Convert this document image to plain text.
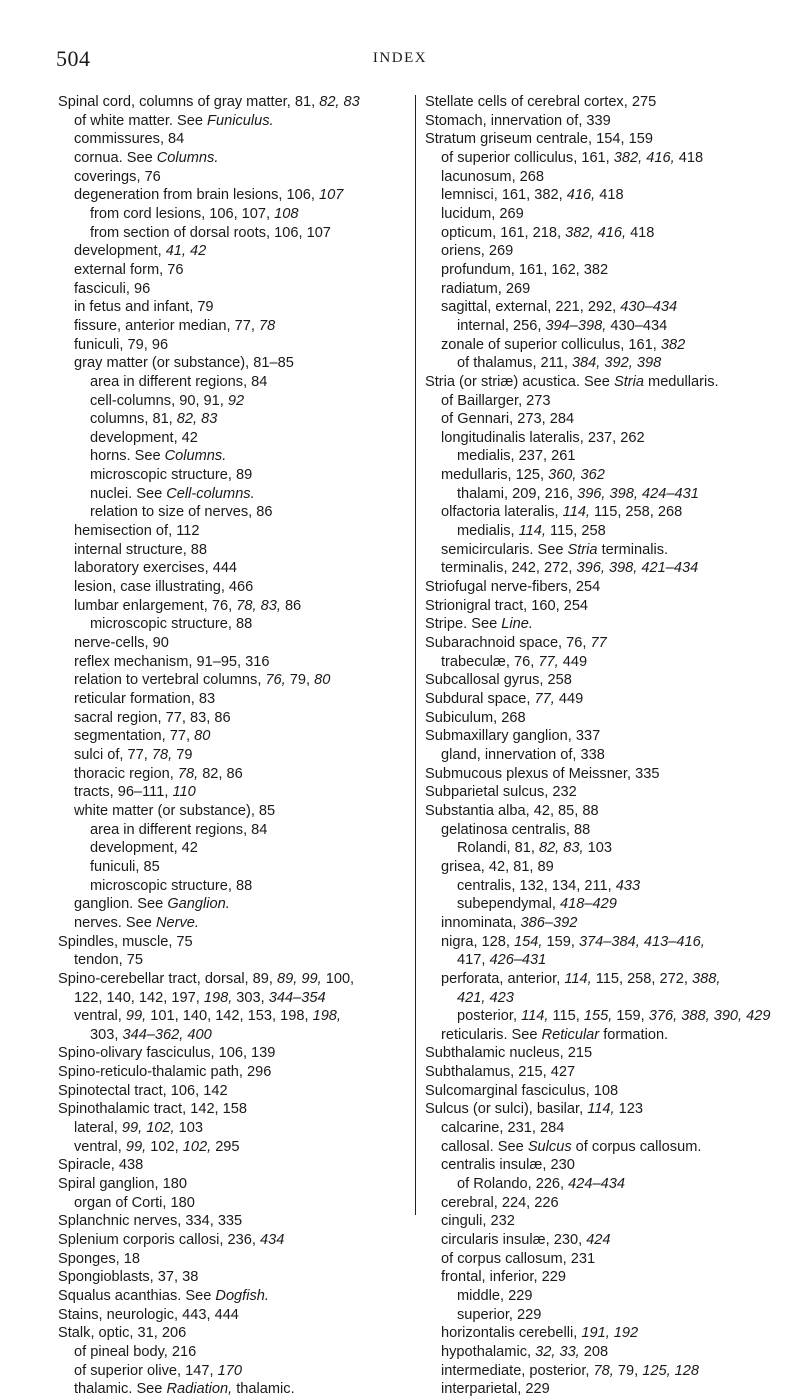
504	INDEX
Spinal cord, columns of gray matter, 81, 82, 83
of white matter. See Funiculus.
commissures, 84
cornua. See Columns.
coverings, 76
degeneration from brain lesions, 106, 107
from cord lesions, 106, 107, 108
from section of dorsal roots, 106, 107
development, 41, 42
external form, 76
fasciculi, 96
in fetus and infant, 79
fissure, anterior median, 77, 78
funiculi, 79, 96
gray matter (or substance), 81–85
area in different regions, 84
cell-columns, 90, 91, 92
columns, 81, 82, 83
development, 42
horns. See Columns.
microscopic structure, 89
nuclei. See Cell-columns.
relation to size of nerves, 86
hemisection of, 112
internal structure, 88
laboratory exercises, 444
lesion, case illustrating, 466
lumbar enlargement, 76, 78, 83, 86
microscopic structure, 88
nerve-cells, 90
reflex mechanism, 91–95, 316
relation to vertebral columns, 76, 79, 80
reticular formation, 83
sacral region, 77, 83, 86
segmentation, 77, 80
sulci of, 77, 78, 79
thoracic region, 78, 82, 86
tracts, 96–111, 110
white matter (or substance), 85
area in different regions, 84
development, 42
funiculi, 85
microscopic structure, 88
ganglion. See Ganglion.
nerves. See Nerve.
Spindles, muscle, 75
tendon, 75
Spino-cerebellar tract, dorsal, 89, 89, 99, 100,
122, 140, 142, 197, 198, 303, 344–354
ventral, 99, 101, 140, 142, 153, 198, 198,
303, 344–362, 400
Spino-olivary fasciculus, 106, 139
Spino-reticulo-thalamic path, 296
Spinotectal tract, 106, 142
Spinothalamic tract, 142, 158
lateral, 99, 102, 103
ventral, 99, 102, 102, 295
Spiracle, 438
Spiral ganglion, 180
organ of Corti, 180
Splanchnic nerves, 334, 335
Splenium corporis callosi, 236, 434
Sponges, 18
Spongioblasts, 37, 38
Squalus acanthias. See Dogfish.
Stains, neurologic, 443, 444
Stalk, optic, 31, 206
of pineal body, 216
of superior olive, 147, 170
thalamic. See Radiation, thalamic.
Stellate cells of cerebral cortex, 275
Stomach, innervation of, 339
Stratum griseum centrale, 154, 159
of superior colliculus, 161, 382, 416, 418
lacunosum, 268
lemnisci, 161, 382, 416, 418
lucidum, 269
opticum, 161, 218, 382, 416, 418
oriens, 269
profundum, 161, 162, 382
radiatum, 269
sagittal, external, 221, 292, 430–434
internal, 256, 394–398, 430–434
zonale of superior colliculus, 161, 382
of thalamus, 211, 384, 392, 398
Stria (or striæ) acustica. See Stria medullaris.
of Baillarger, 273
of Gennari, 273, 284
longitudinalis lateralis, 237, 262
medialis, 237, 261
medullaris, 125, 360, 362
thalami, 209, 216, 396, 398, 424–431
olfactoria lateralis, 114, 115, 258, 268
medialis, 114, 115, 258
semicircularis. See Stria terminalis.
terminalis, 242, 272, 396, 398, 421–434
Striofugal nerve-fibers, 254
Strionigral tract, 160, 254
Stripe. See Line.
Subarachnoid space, 76, 77
trabeculæ, 76, 77, 449
Subcallosal gyrus, 258
Subdural space, 77, 449
Subiculum, 268
Submaxillary ganglion, 337
gland, innervation of, 338
Submucous plexus of Meissner, 335
Subparietal sulcus, 232
Substantia alba, 42, 85, 88
gelatinosa centralis, 88
Rolandi, 81, 82, 83, 103
grisea, 42, 81, 89
centralis, 132, 134, 211, 433
subependymal, 418–429
innominata, 386–392
nigra, 128, 154, 159, 374–384, 413–416,
417, 426–431
perforata, anterior, 114, 115, 258, 272, 388,
421, 423
posterior, 114, 115, 155, 159, 376, 388, 390, 429
reticularis. See Reticular formation.
Subthalamic nucleus, 215
Subthalamus, 215, 427
Sulcomarginal fasciculus, 108
Sulcus (or sulci), basilar, 114, 123
calcarine, 231, 284
callosal. See Sulcus of corpus callosum.
centralis insulæ, 230
of Rolando, 226, 424–434
cerebral, 224, 226
cinguli, 232
circularis insulæ, 230, 424
of corpus callosum, 231
frontal, inferior, 229
middle, 229
superior, 229
horizontalis cerebelli, 191, 192
hypothalamic, 32, 33, 208
intermediate, posterior, 78, 79, 125, 128
interparietal, 229
